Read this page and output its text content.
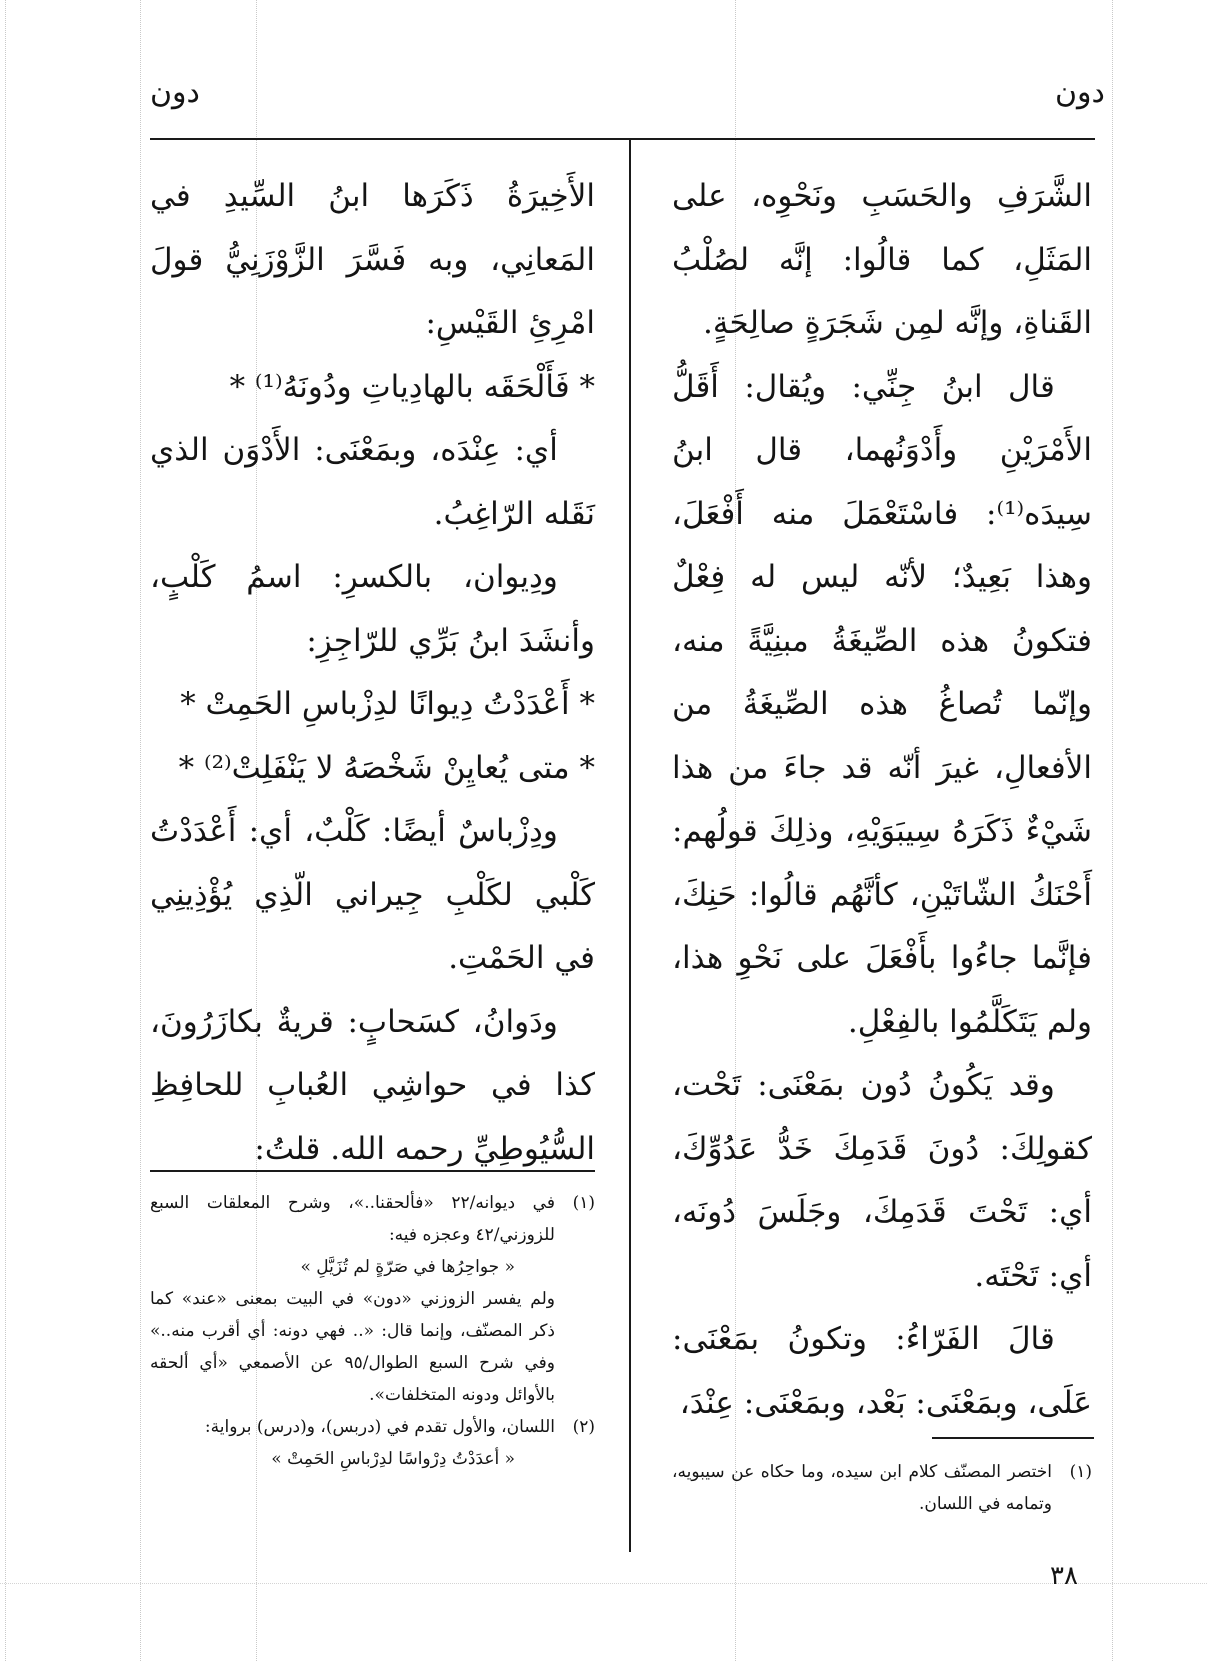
دون
دون

الشَّرَفِ والحَسَبِ ونَحْوِه، على المَثَلِ، كما قالُوا: إنَّه لصُلْبُ القَناةِ، وإنَّه لمِن شَجَرَةٍ صالِحَةٍ.

قال ابنُ جِنِّي: ويُقال: أَقَلُّ الأَمْرَيْنِ وأَدْوَنُهما، قال ابنُ سِيدَه⁽¹⁾: فاسْتَعْمَلَ منه أَفْعَلَ، وهذا بَعِيدٌ؛ لأنّه ليس له فِعْلٌ فتكونُ هذه الصِّيغَةُ مبنِيَّةً منه، وإنّما تُصاغُ هذه الصِّيغَةُ من الأفعالِ، غيرَ أنّه قد جاءَ من هذا شَيْءٌ ذَكَرَهُ سِيبَوَيْهِ، وذلِكَ قولُهم: أَحْنَكُ الشّاتَيْنِ، كأنَّهُم قالُوا: حَنِكَ، فإنَّما جاءُوا بأَفْعَلَ على نَحْوِ هذا، ولم يَتَكَلَّمُوا بالفِعْلِ.

وقد يَكُونُ دُون بمَعْنَى: تَحْت، كقولِكَ: دُونَ قَدَمِكَ خَدُّ عَدُوِّكَ، أي: تَحْتَ قَدَمِكَ، وجَلَسَ دُونَه، أي: تَحْتَه.

قالَ الفَرّاءُ: وتكونُ بمَعْنَى: عَلَى، وبمَعْنَى: بَعْد، وبمَعْنَى: عِنْدَ،

(١)
اختصر المصنّف كلام ابن سيده، وما حكاه عن سيبويه، وتمامه في اللسان.

الأَخِيرَةُ ذَكَرَها ابنُ السِّيدِ في المَعانِي، وبه فَسَّرَ الزَّوْزَنِيُّ قولَ امْرِئِ القَيْسِ:

* فَأَلْحَقَه بالهادِياتِ ودُونَهُ⁽¹⁾ *

أي: عِنْدَه، وبمَعْنَى: الأَدْوَن الذي نَقَله الرّاغِبُ.

ودِيوان، بالكسرِ: اسمُ كَلْبٍ، وأنشَدَ ابنُ بَرِّي للرّاجِزِ:

* أَعْدَدْتُ دِيوانًا لدِزْباسِ الحَمِتْ *

* متى يُعايِنْ شَخْصَهُ لا يَنْفَلِتْ⁽²⁾ *

ودِزْباسٌ أيضًا: كَلْبٌ، أي: أَعْدَدْتُ كَلْبي لكَلْبِ جِيراني الّذِي يُؤْذِينِي في الحَمْتِ.

ودَوانُ، كسَحابٍ: قريةٌ بكازَرُونَ، كذا في حواشِي العُبابِ للحافِظِ السُّيُوطِيِّ رحمه الله. قلتُ:

(١)
في ديوانه/٢٢ «فألحقنا..»، وشرح المعلقات السبع للزوزني/٤٢ وعجزه فيه:

« جواحِرُها في صَرّةٍ لم تُزَيَّلِ »

ولم يفسر الزوزني «دون» في البيت بمعنى «عند» كما ذكر المصنّف، وإنما قال: «.. فهي دونه: أي أقرب منه..» وفي شرح السبع الطوال/٩٥ عن الأصمعي «أي ألحقه بالأوائل ودونه المتخلفات».

(٢)
اللسان، والأول تقدم في (دربس)، و(درس) برواية:

« أعدَدْتُ دِرْواسًا لدِرْباسِ الحَمِتْ »

٣٨
